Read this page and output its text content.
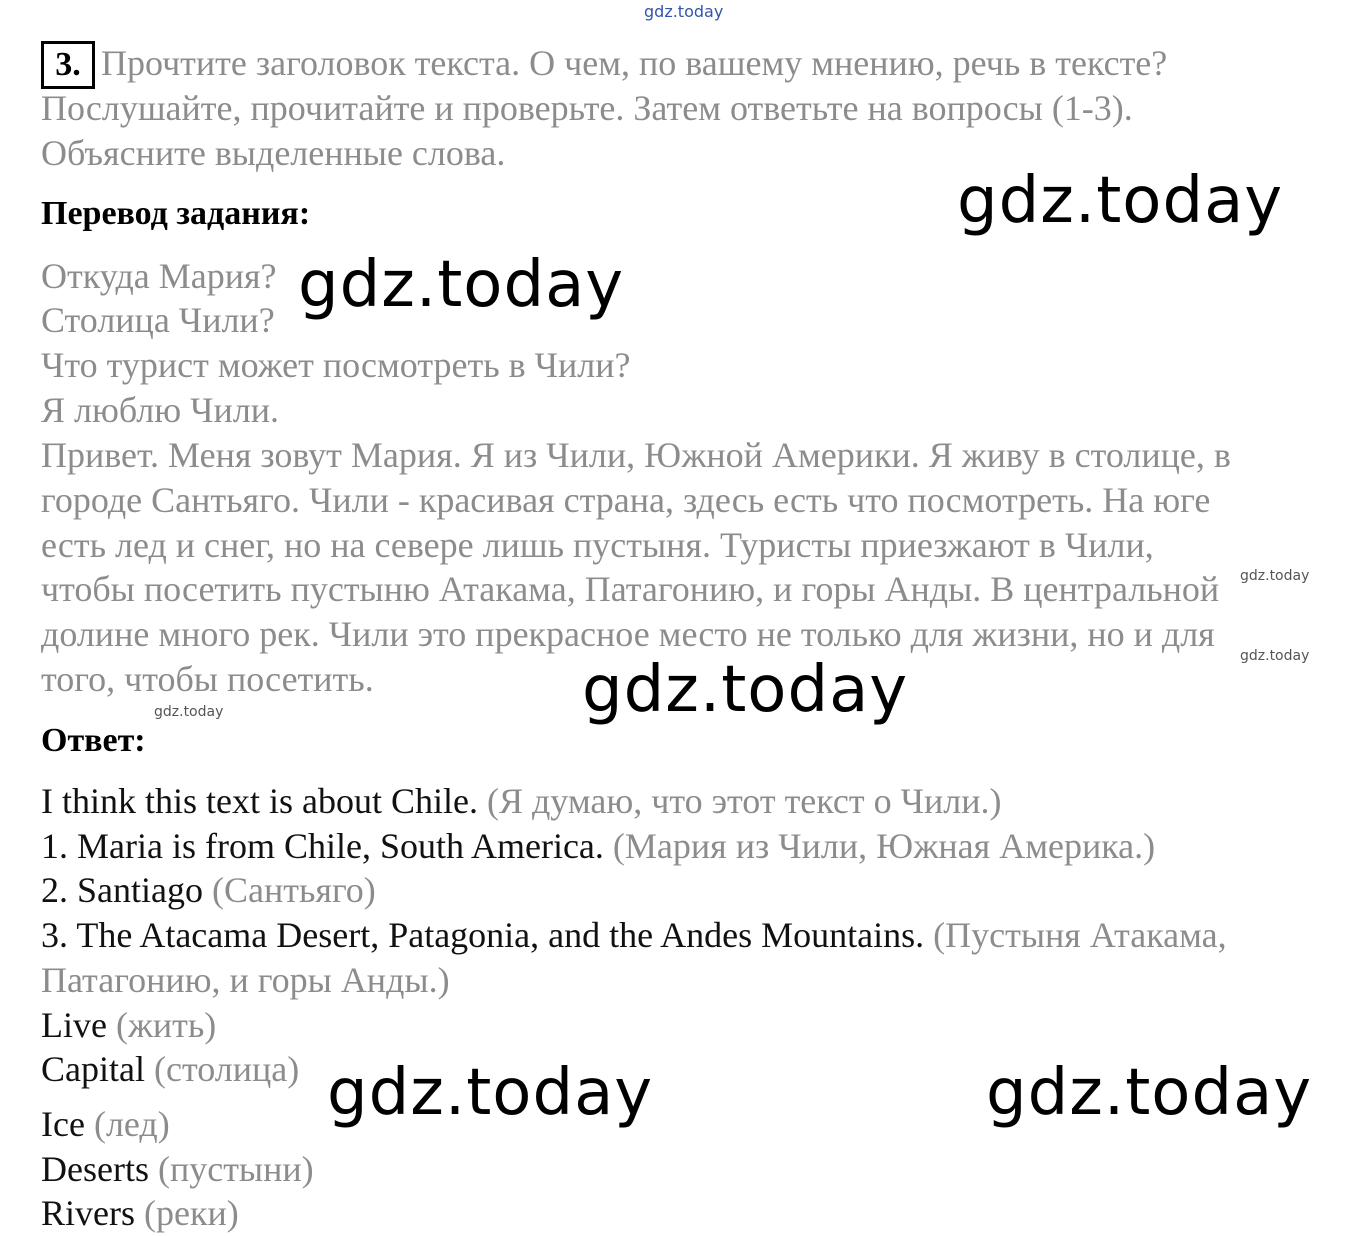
gdz.today
3. Прочтите заголовок текста. О чем, по вашему мнению, речь в тексте?
Послушайте, прочитайте и проверьте. Затем ответьте на вопросы (1-3).
Объясните выделенные слова.
Перевод задания:
Откуда Мария?
Столица Чили?
Что турист может посмотреть в Чили?
Я люблю Чили.
Привет. Меня зовут Мария. Я из Чили, Южной Америки. Я живу в столице, в
городе Сантьяго. Чили - красивая страна, здесь есть что посмотреть. На юге
есть лед и снег, но на севере лишь пустыня. Туристы приезжают в Чили,
чтобы посетить пустыню Атакама, Патагонию, и горы Анды. В центральной
долине много рек. Чили это прекрасное место не только для жизни, но и для
того, чтобы посетить.
Ответ:
I think this text is about Chile. (Я думаю, что этот текст о Чили.)
1. Maria is from Chile, South America. (Мария из Чили, Южная Америка.)
2. Santiago (Сантьяго)
3. The Atacama Desert, Patagonia, and the Andes Mountains. (Пустыня Атакама,
Патагонию, и горы Анды.)
Live (жить)
Capital (столица)
Ice (лед)
Deserts (пустыни)
Rivers (реки)
gdz.today
gdz.today
gdz.today
gdz.today	gdz.today
gdz.today
gdz.today
gdz.today
